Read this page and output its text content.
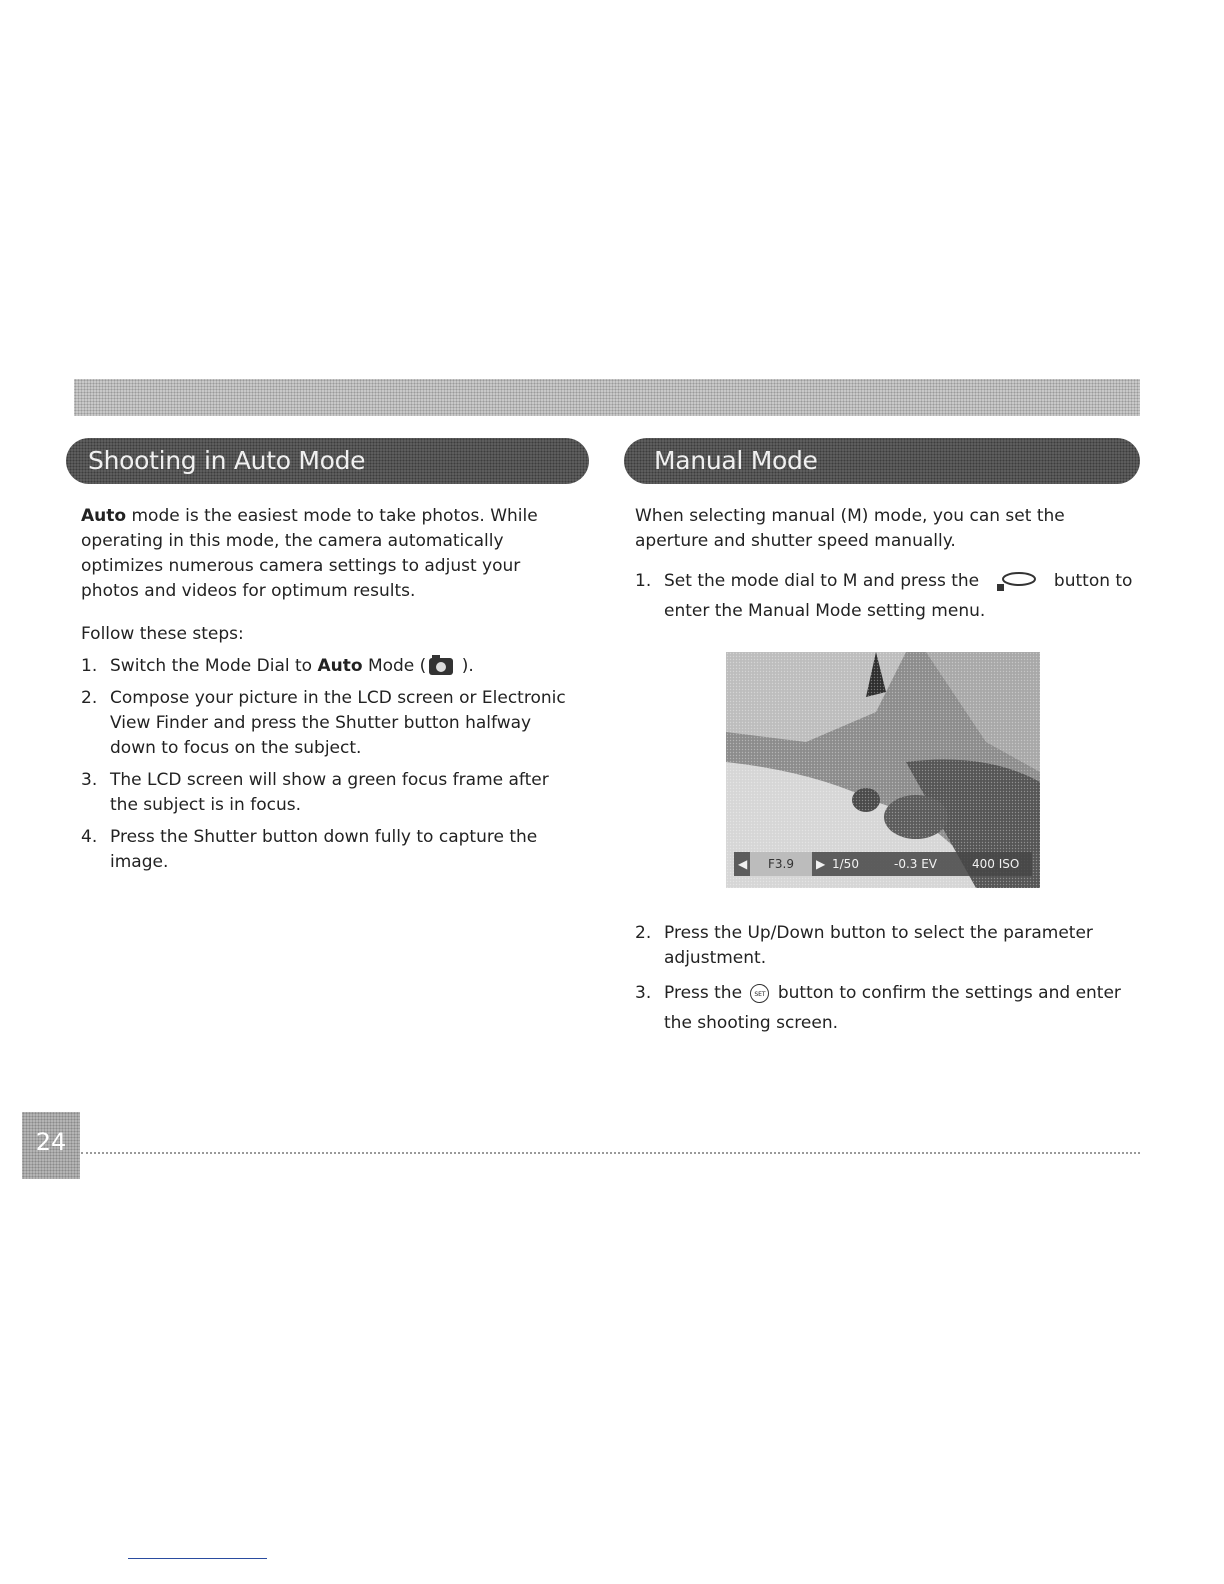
Shooting in Auto Mode	Manual Mode

Auto mode is the easiest mode to take photos. While operating in this mode, the camera automatically optimizes numerous camera settings to adjust your photos and videos for optimum results.

Follow these steps:

1. Switch the Mode Dial to Auto Mode ( ).
2. Compose your picture in the LCD screen or Electronic View Finder and press the Shutter button halfway down to focus on the subject.
3. The LCD screen will show a green focus frame after the subject is in focus.
4. Press the Shutter button down fully to capture the image.

When selecting manual (M) mode, you can set the aperture and shutter speed manually.

1. Set the mode dial to M and press the	button to enter the Manual Mode setting menu.
◀	F3.9	▶ 1/50	-0.3 EV	400 ISO
2. Press the Up/Down button to select the parameter adjustment.
3. Press the SET button to confirm the settings and enter the shooting screen.
24
